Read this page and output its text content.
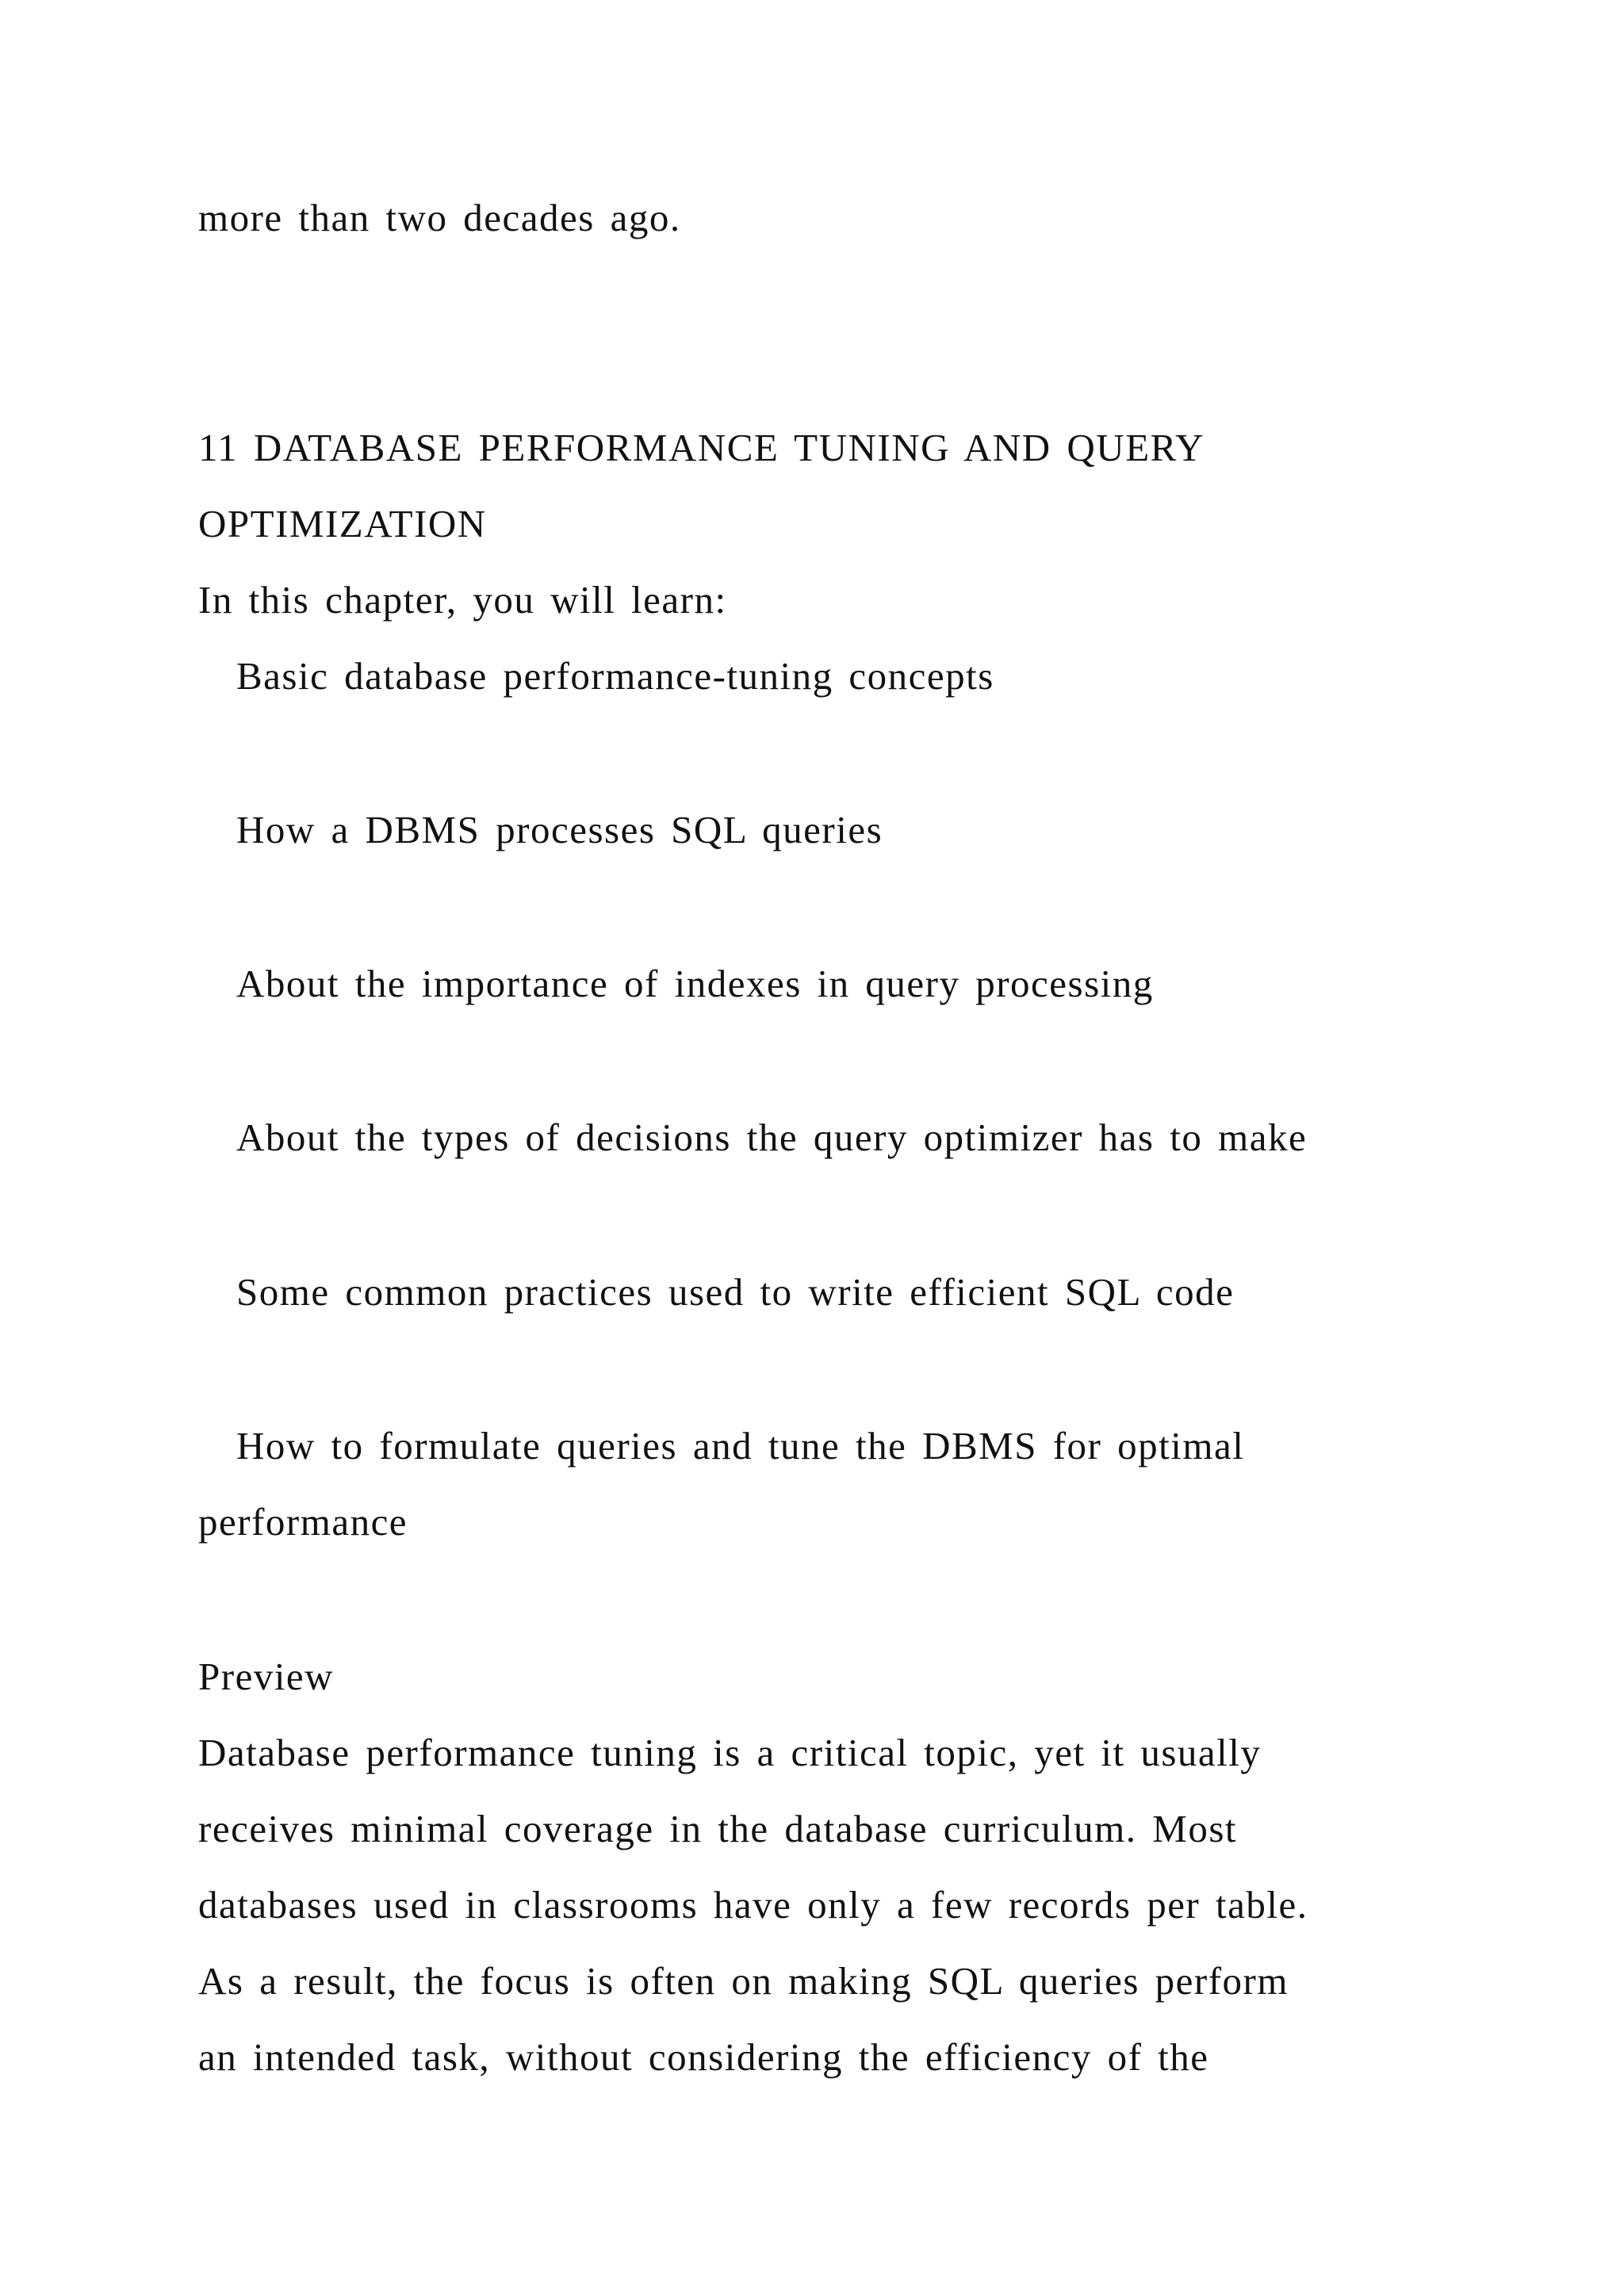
more than two decades ago.
11 DATABASE PERFORMANCE TUNING AND QUERY
OPTIMIZATION
In this chapter, you will learn:
Basic database performance-tuning concepts
How a DBMS processes SQL queries
About the importance of indexes in query processing
About the types of decisions the query optimizer has to make
Some common practices used to write efficient SQL code
How to formulate queries and tune the DBMS for optimal
performance
Preview
Database performance tuning is a critical topic, yet it usually
receives minimal coverage in the database curriculum. Most
databases used in classrooms have only a few records per table.
As a result, the focus is often on making SQL queries perform
an intended task, without considering the efficiency of the
